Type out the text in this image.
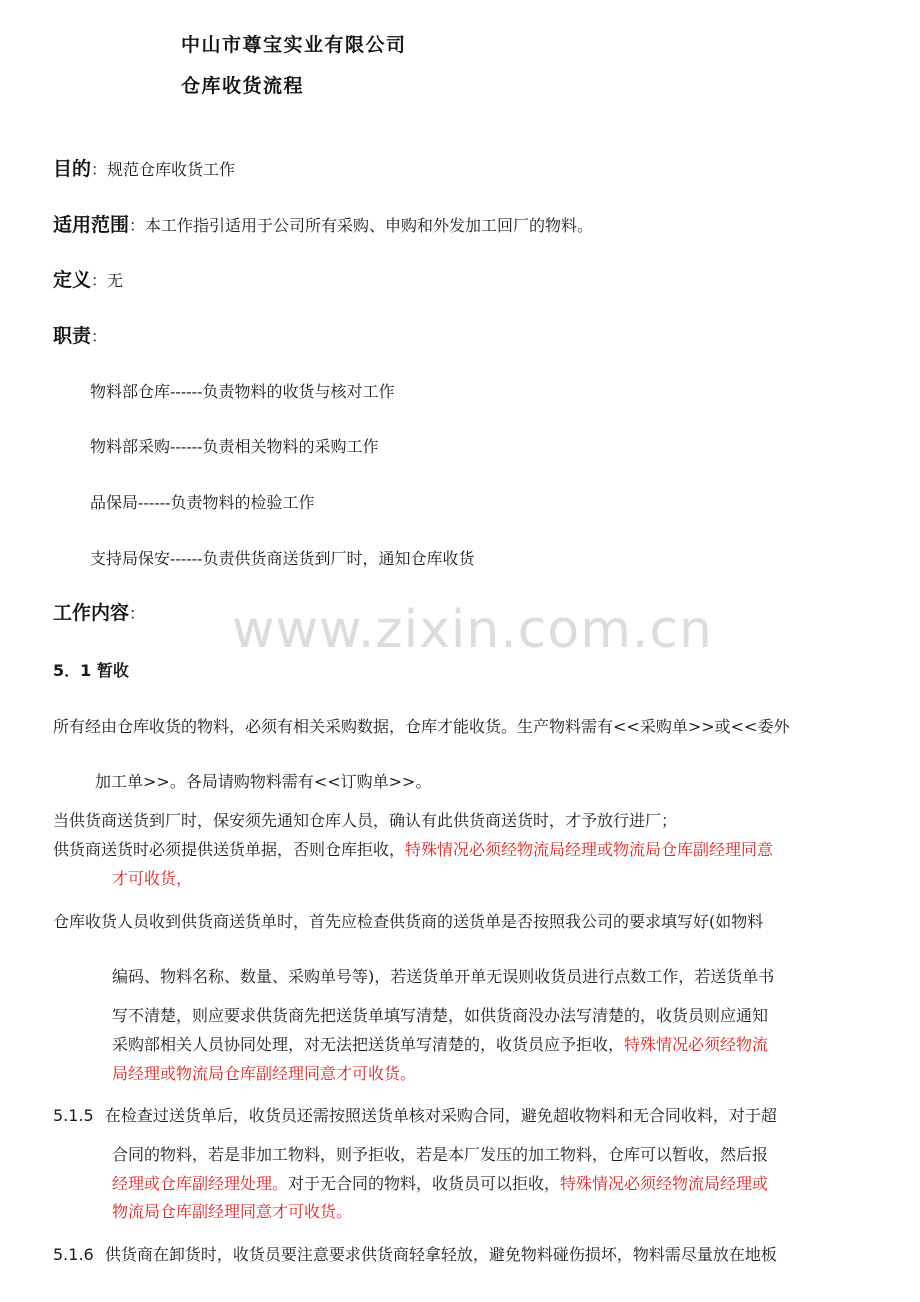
www.zixin.com.cn
中山市尊宝实业有限公司
仓库收货流程
目的：规范仓库收货工作
适用范围：本工作指引适用于公司所有采购、申购和外发加工回厂的物料。
定义：无
职责：
物料部仓库------负责物料的收货与核对工作
物料部采购------负责相关物料的采购工作
品保局------负责物料的检验工作
支持局保安------负责供货商送货到厂时，通知仓库收货
工作内容：
5．1 暂收
所有经由仓库收货的物料，必须有相关采购数据，仓库才能收货。生产物料需有<<采购单>>或<<委外
加工单>>。各局请购物料需有<<订购单>>。
当供货商送货到厂时，保安须先通知仓库人员，确认有此供货商送货时，才予放行进厂；
供货商送货时必须提供送货单据，否则仓库拒收，特殊情况必须经物流局经理或物流局仓库副经理同意
才可收货，
仓库收货人员收到供货商送货单时，首先应检查供货商的送货单是否按照我公司的要求填写好(如物料
编码、物料名称、数量、采购单号等)，若送货单开单无误则收货员进行点数工作，若送货单书
写不清楚，则应要求供货商先把送货单填写清楚，如供货商没办法写清楚的，收货员则应通知
采购部相关人员协同处理，对无法把送货单写清楚的，收货员应予拒收，特殊情况必须经物流
局经理或物流局仓库副经理同意才可收货。
5.1.5 在检查过送货单后，收货员还需按照送货单核对采购合同，避免超收物料和无合同收料，对于超
合同的物料，若是非加工物料，则予拒收，若是本厂发压的加工物料，仓库可以暂收，然后报
经理或仓库副经理处理。对于无合同的物料，收货员可以拒收，特殊情况必须经物流局经理或
物流局仓库副经理同意才可收货。
5.1.6 供货商在卸货时，收货员要注意要求供货商轻拿轻放，避免物料碰伤损坏，物料需尽量放在地板
